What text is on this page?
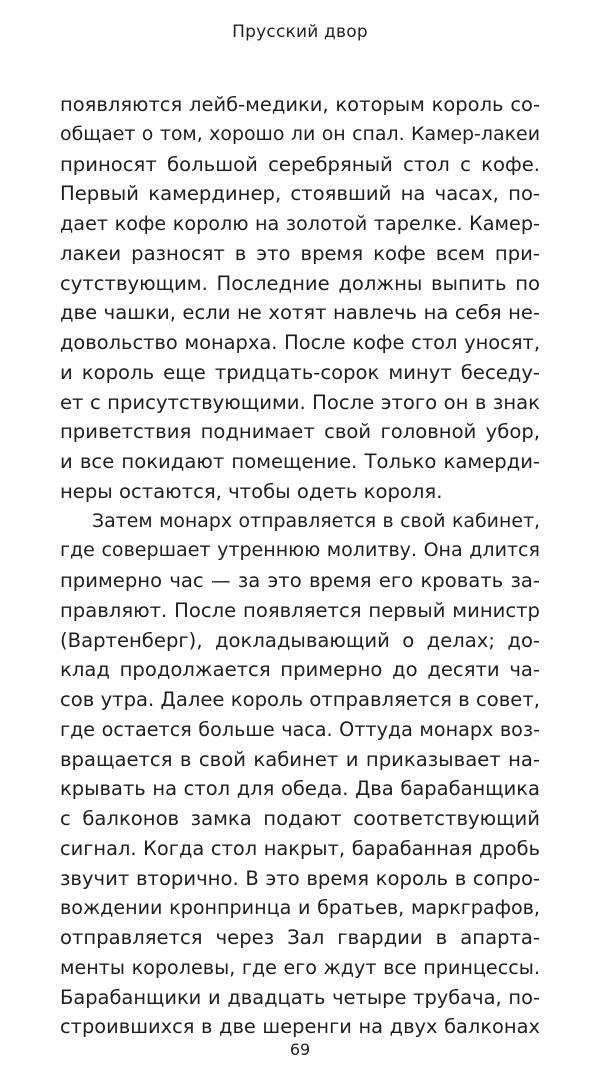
Прусский двор
появляются лейб-медики, которым король со-
общает о том, хорошо ли он спал. Камер-лакеи
приносят большой серебряный стол с кофе.
Первый камердинер, стоявший на часах, по-
дает кофе королю на золотой тарелке. Камер-
лакеи разносят в это время кофе всем при-
сутствующим. Последние должны выпить по
две чашки, если не хотят навлечь на себя не-
довольство монарха. После кофе стол уносят,
и король еще тридцать-сорок минут беседу-
ет с присутствующими. После этого он в знак
приветствия поднимает свой головной убор,
и все покидают помещение. Только камерди-
неры остаются, чтобы одеть короля.
Затем монарх отправляется в свой кабинет,
где совершает утреннюю молитву. Она длится
примерно час — за это время его кровать за-
правляют. После появляется первый министр
(Вартенберг), докладывающий о делах; до-
клад продолжается примерно до десяти ча-
сов утра. Далее король отправляется в совет,
где остается больше часа. Оттуда монарх воз-
вращается в свой кабинет и приказывает на-
крывать на стол для обеда. Два барабанщика
с балконов замка подают соответствующий
сигнал. Когда стол накрыт, барабанная дробь
звучит вторично. В это время король в сопро-
вождении кронпринца и братьев, маркграфов,
отправляется через Зал гвардии в апарта-
менты королевы, где его ждут все принцессы.
Барабанщики и двадцать четыре трубача, по-
строившихся в две шеренги на двух балконах
69
